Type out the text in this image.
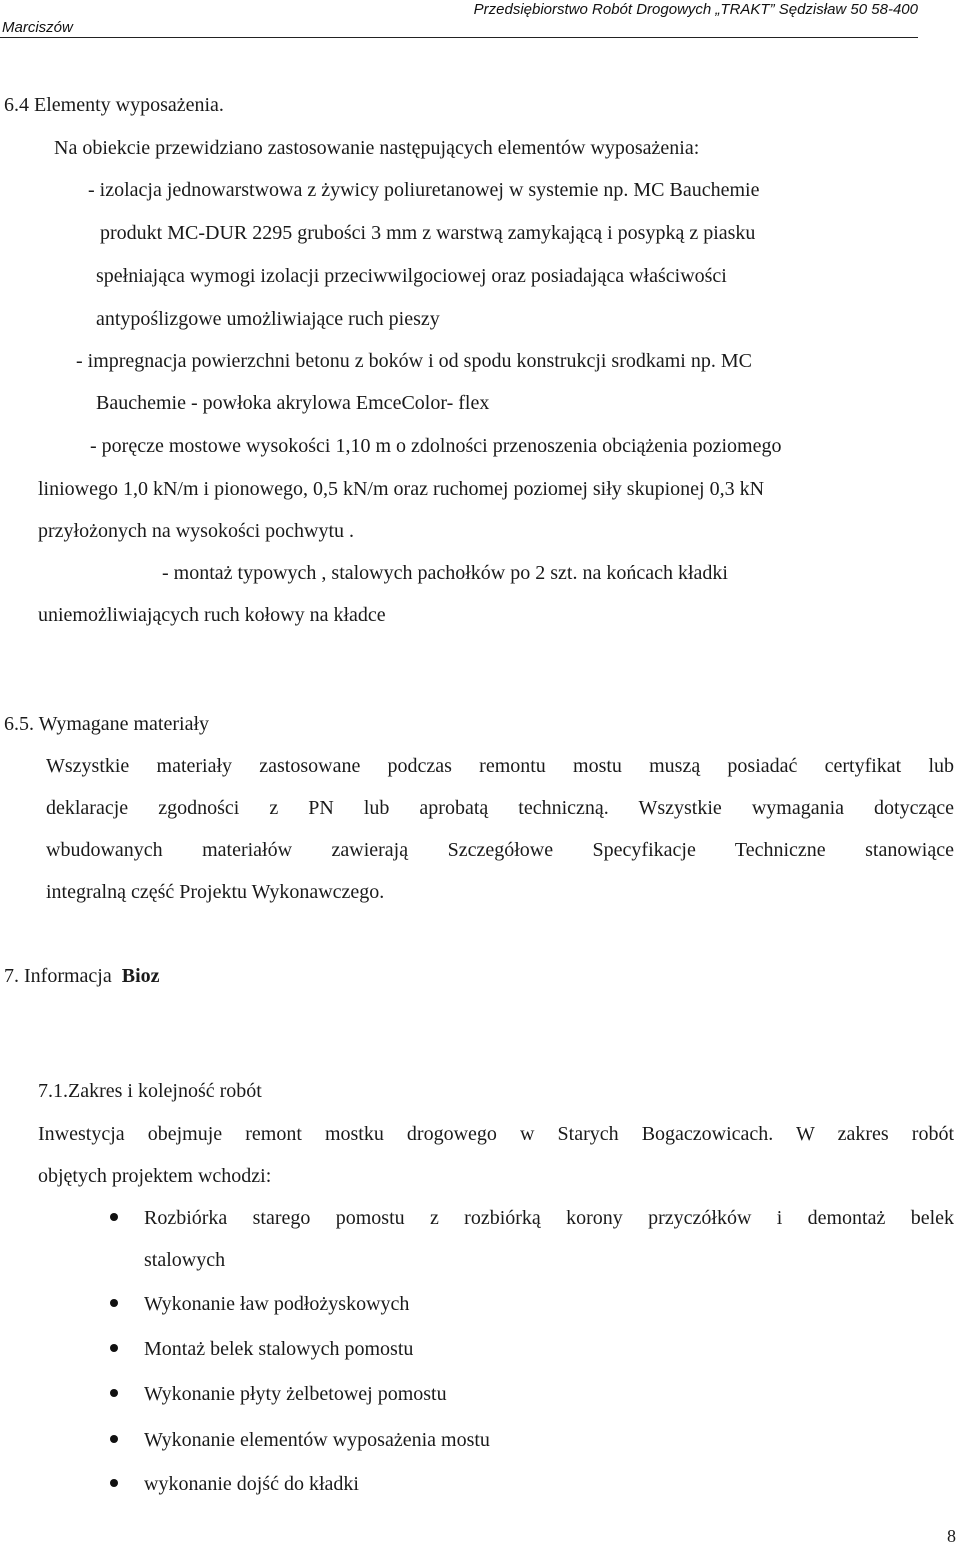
Przedsiębiorstwo Robót Drogowych „TRAKT” Sędzisław 50 58-400
Marciszów
6.4 Elementy wyposażenia.
Na obiekcie przewidziano zastosowanie następujących elementów wyposażenia:
- izolacja jednowarstwowa z żywicy poliuretanowej w systemie np. MC Bauchemie
produkt MC-DUR 2295 grubości 3 mm z warstwą zamykającą i posypką z piasku
spełniająca wymogi izolacji przeciwwilgociowej oraz posiadająca właściwości
antypoślizgowe umożliwiające ruch pieszy
- impregnacja powierzchni betonu z boków i od spodu konstrukcji srodkami np. MC
Bauchemie - powłoka akrylowa EmceColor- flex
- poręcze mostowe wysokości 1,10 m o zdolności przenoszenia obciążenia poziomego
liniowego 1,0 kN/m i pionowego, 0,5 kN/m oraz ruchomej poziomej siły skupionej 0,3 kN
przyłożonych na wysokości pochwytu .
- montaż typowych , stalowych pachołków po 2 szt. na końcach kładki
uniemożliwiających ruch kołowy na kładce
6.5. Wymagane materiały
Wszystkie materiały zastosowane podczas remontu mostu muszą posiadać certyfikat lub
deklaracje zgodności z PN lub aprobatą techniczną. Wszystkie wymagania dotyczące
wbudowanych materiałów zawierają Szczegółowe Specyfikacje Techniczne stanowiące
integralną część Projektu Wykonawczego.
7. Informacja  Bioz
7.1.Zakres i kolejność robót
Inwestycja obejmuje remont mostku drogowego w Starych Bogaczowicach. W zakres robót
objętych projektem wchodzi:
Rozbiórka starego pomostu z rozbiórką korony przyczółków i demontaż belek
stalowych
Wykonanie ław podłożyskowych
Montaż belek stalowych pomostu
Wykonanie płyty żelbetowej pomostu
Wykonanie elementów wyposażenia mostu
wykonanie dojść do kładki
8
